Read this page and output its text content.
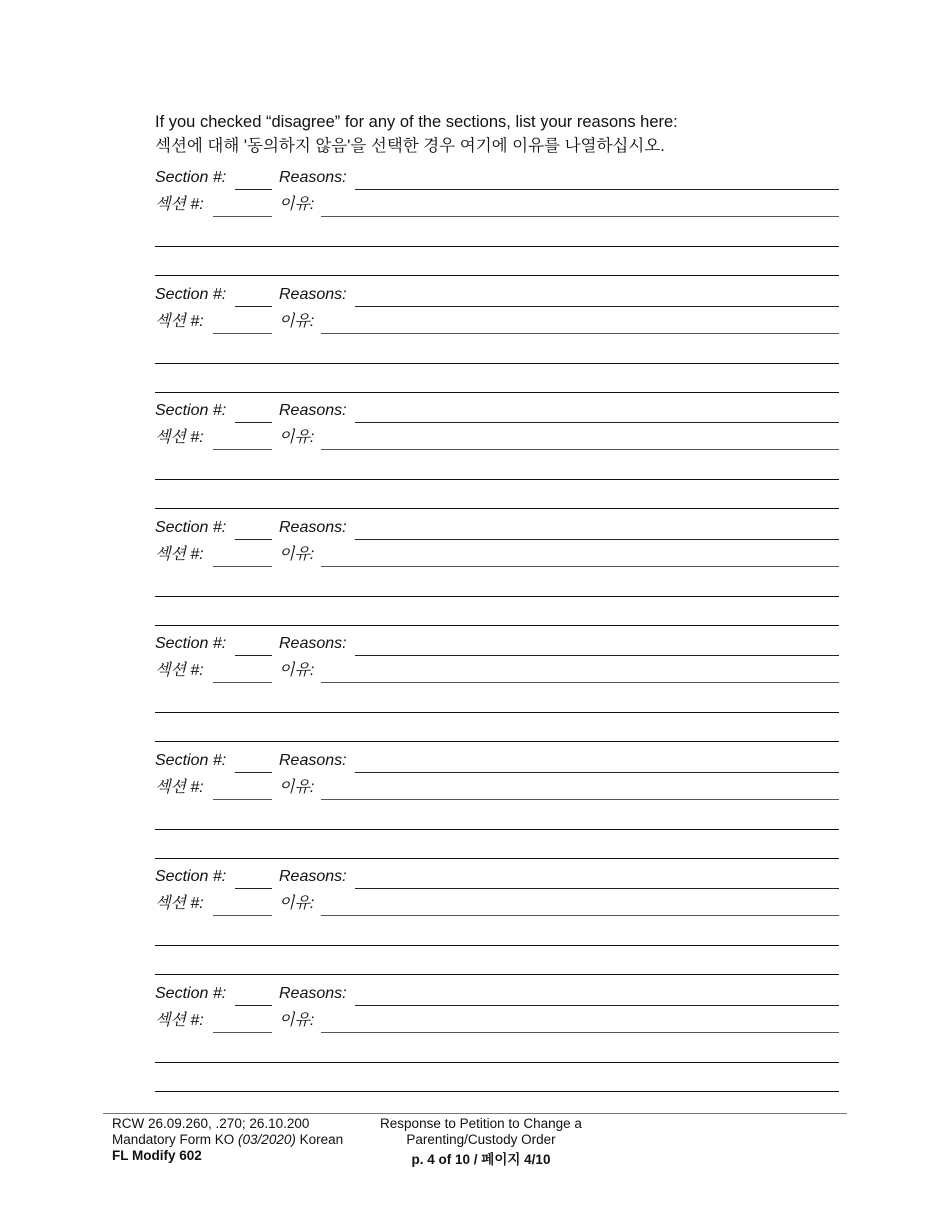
If you checked “disagree” for any of the sections, list your reasons here:
섹션에 대해 '동의하지 않음'을 선택한 경우 여기에 이유를 나열하십시오.
Section #:	Reasons:
섹션 #:	이유:
Section #:	Reasons:
섹션 #:	이유:
Section #:	Reasons:
섹션 #:	이유:
Section #:	Reasons:
섹션 #:	이유:
Section #:	Reasons:
섹션 #:	이유:
Section #:	Reasons:
섹션 #:	이유:
Section #:	Reasons:
섹션 #:	이유:
Section #:	Reasons:
섹션 #:	이유:
RCW 26.09.260, .270; 26.10.200
Mandatory Form KO (03/2020) Korean
FL Modify 602
Response to Petition to Change a
Parenting/Custody Order
p. 4 of 10 / 페이지 4/10
